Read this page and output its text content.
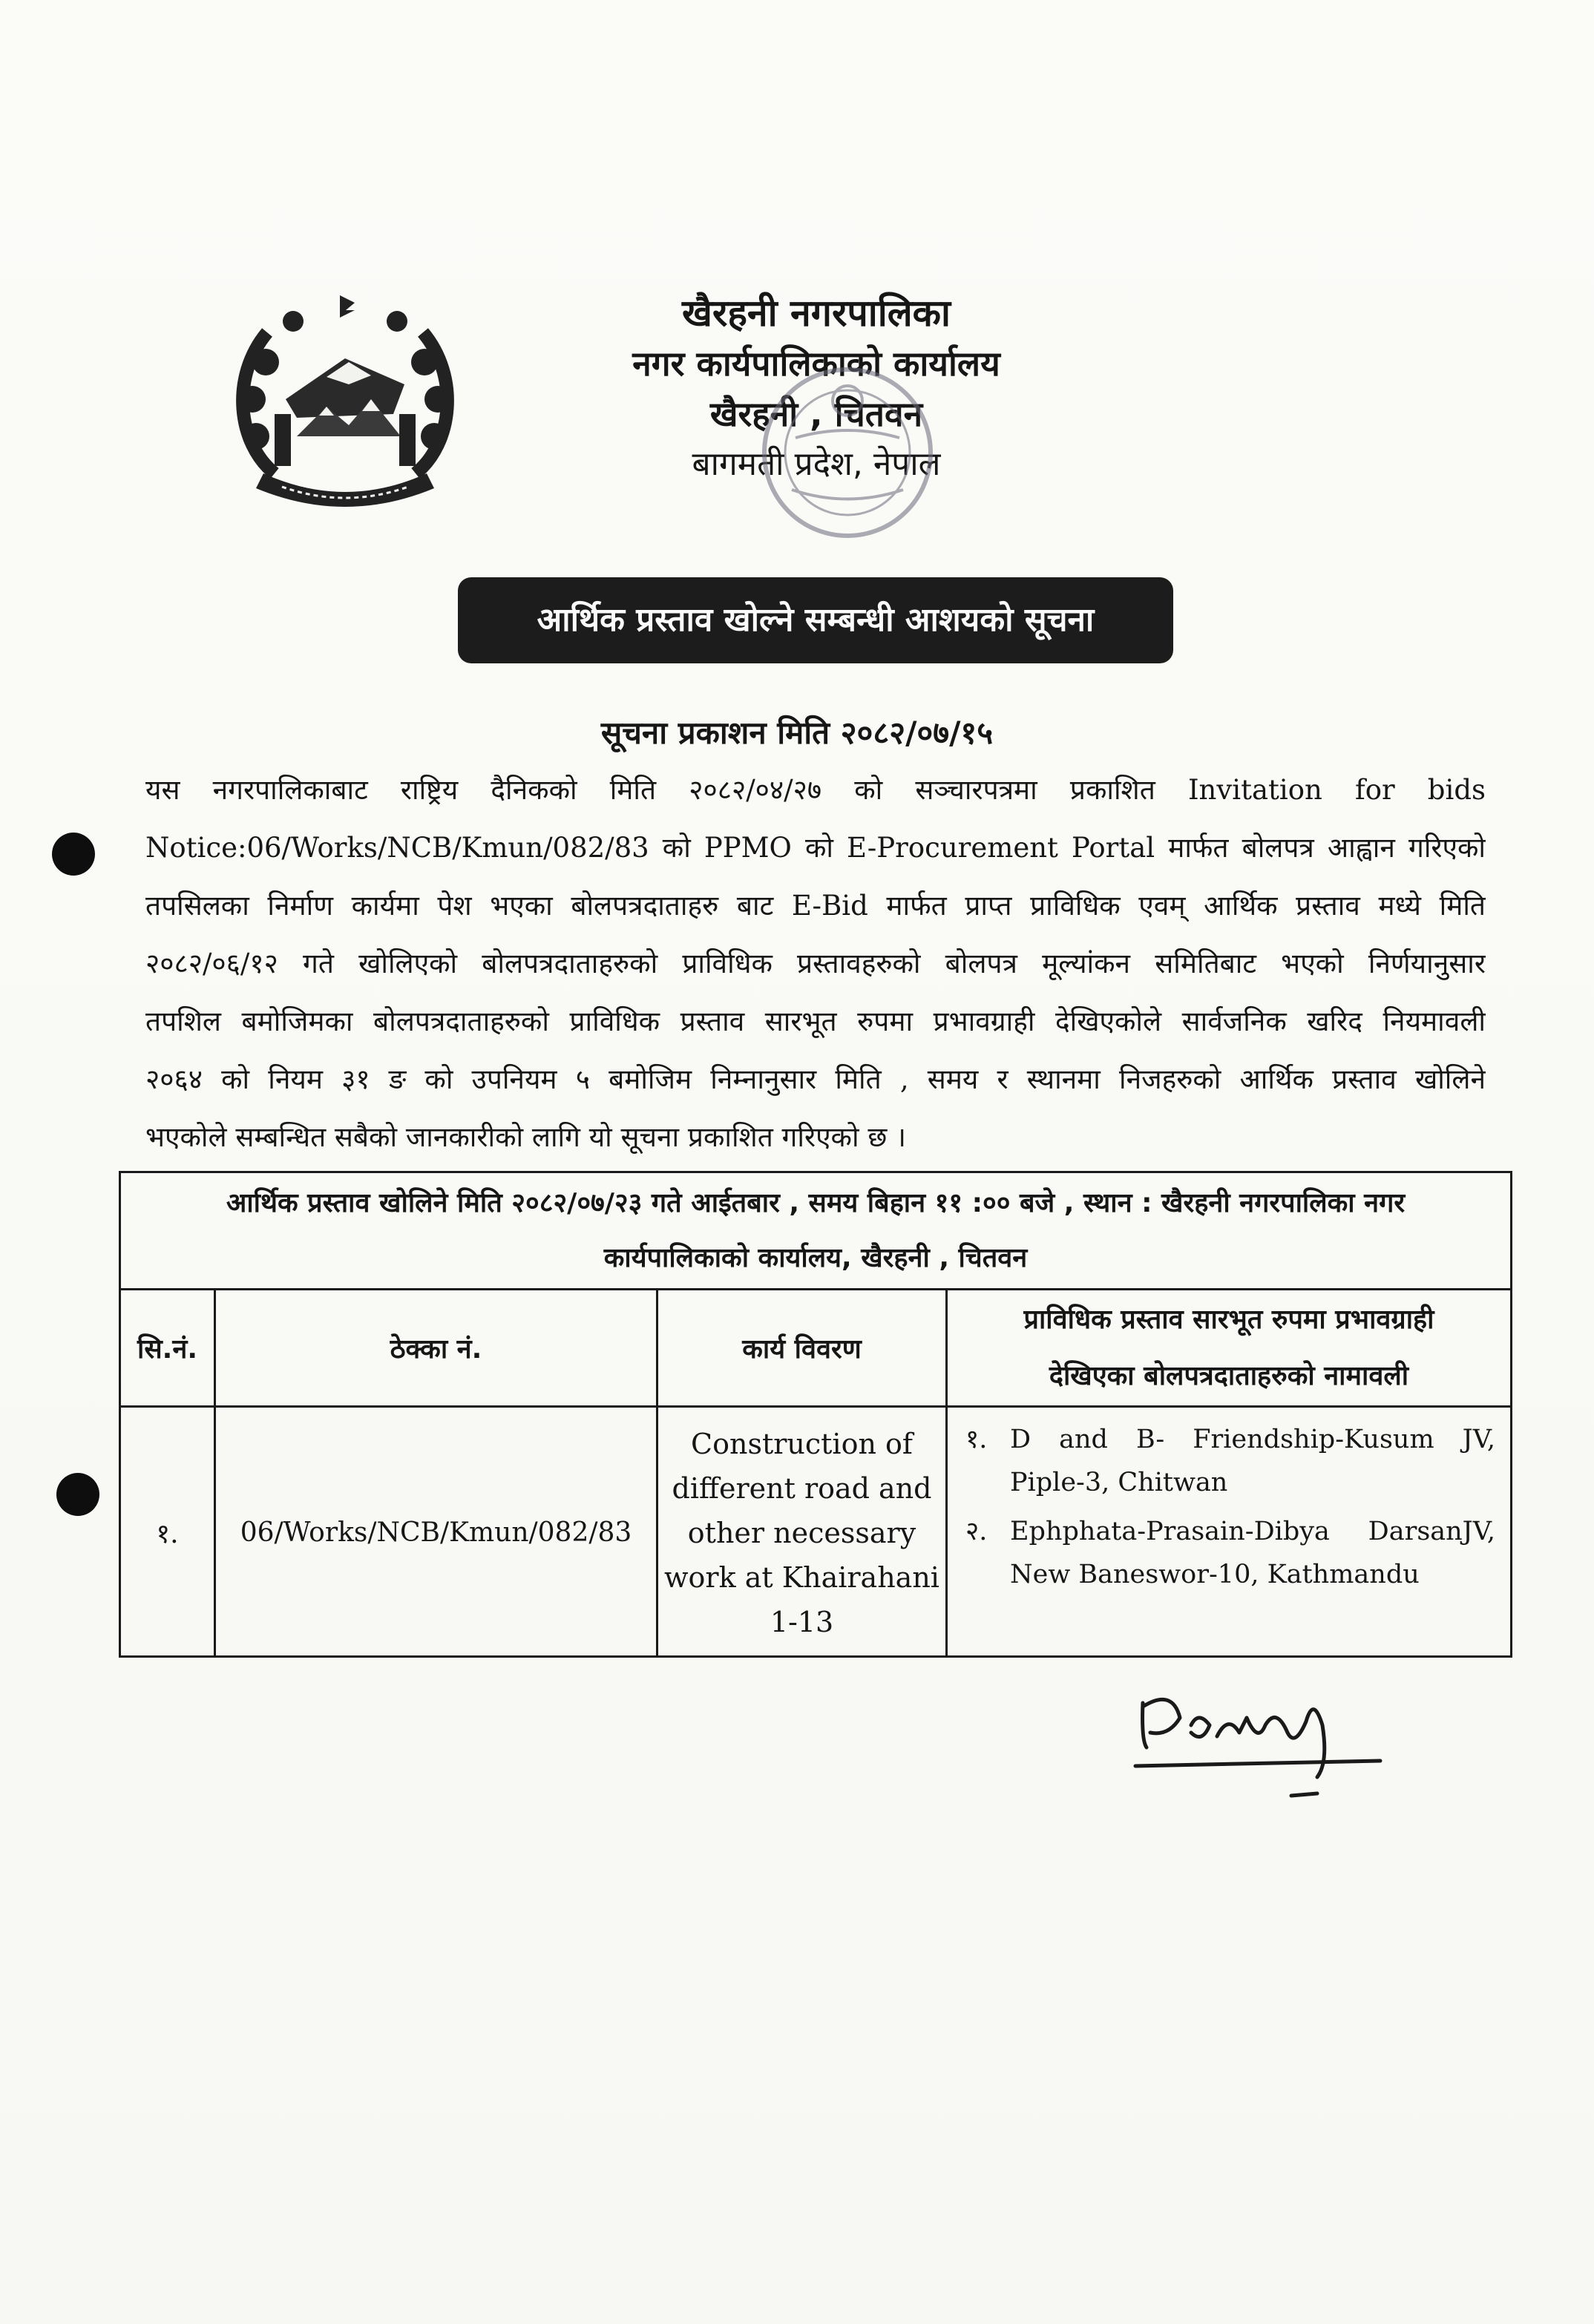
खैरहनी नगरपालिका
नगर कार्यपालिकाको कार्यालय
खैरहनी , चितवन
बागमती प्रदेश, नेपाल
आर्थिक प्रस्ताव खोल्ने सम्बन्धी आशयको सूचना
सूचना प्रकाशन मिति २०८२/०७/१५
यस नगरपालिकाबाट राष्ट्रिय दैनिकको मिति २०८२/०४/२७ को सञ्चारपत्रमा प्रकाशित Invitation for bids
Notice:06/Works/NCB/Kmun/082/83 को PPMO को E-Procurement Portal मार्फत बोलपत्र आह्वान गरिएको
तपसिलका निर्माण कार्यमा पेश भएका बोलपत्रदाताहरु बाट E-Bid मार्फत प्राप्त प्राविधिक एवम् आर्थिक प्रस्ताव मध्ये मिति
२०८२/०६/१२ गते खोलिएको बोलपत्रदाताहरुको प्राविधिक प्रस्तावहरुको बोलपत्र मूल्यांकन समितिबाट भएको निर्णयानुसार
तपशिल बमोजिमका बोलपत्रदाताहरुको प्राविधिक प्रस्ताव सारभूत रुपमा प्रभावग्राही देखिएकोले सार्वजनिक खरिद नियमावली
२०६४ को नियम ३१ ङ को उपनियम ५ बमोजिम निम्नानुसार मिति , समय र स्थानमा निजहरुको आर्थिक प्रस्ताव खोलिने
भएकोले सम्बन्धित सबैको जानकारीको लागि यो सूचना प्रकाशित गरिएको छ ।
आर्थिक प्रस्ताव खोलिने मिति २०८२/०७/२३ गते आईतबार , समय बिहान ११ :०० बजे , स्थान : खैरहनी नगरपालिका नगर
कार्यपालिकाको कार्यालय, खैरहनी , चितवन
सि.नं.	ठेक्का नं.	कार्य विवरण
प्राविधिक प्रस्ताव सारभूत रुपमा प्रभावग्राही
देखिएका बोलपत्रदाताहरुको नामावली
१. 06/Works/NCB/Kmun/082/83
Construction of
different road and
other necessary
work at Khairahani
1-13
१. D and B- Friendship-Kusum JV, Piple-3, Chitwan
२. Ephphata-Prasain-Dibya DarsanJV, New Baneswor-10, Kathmandu
